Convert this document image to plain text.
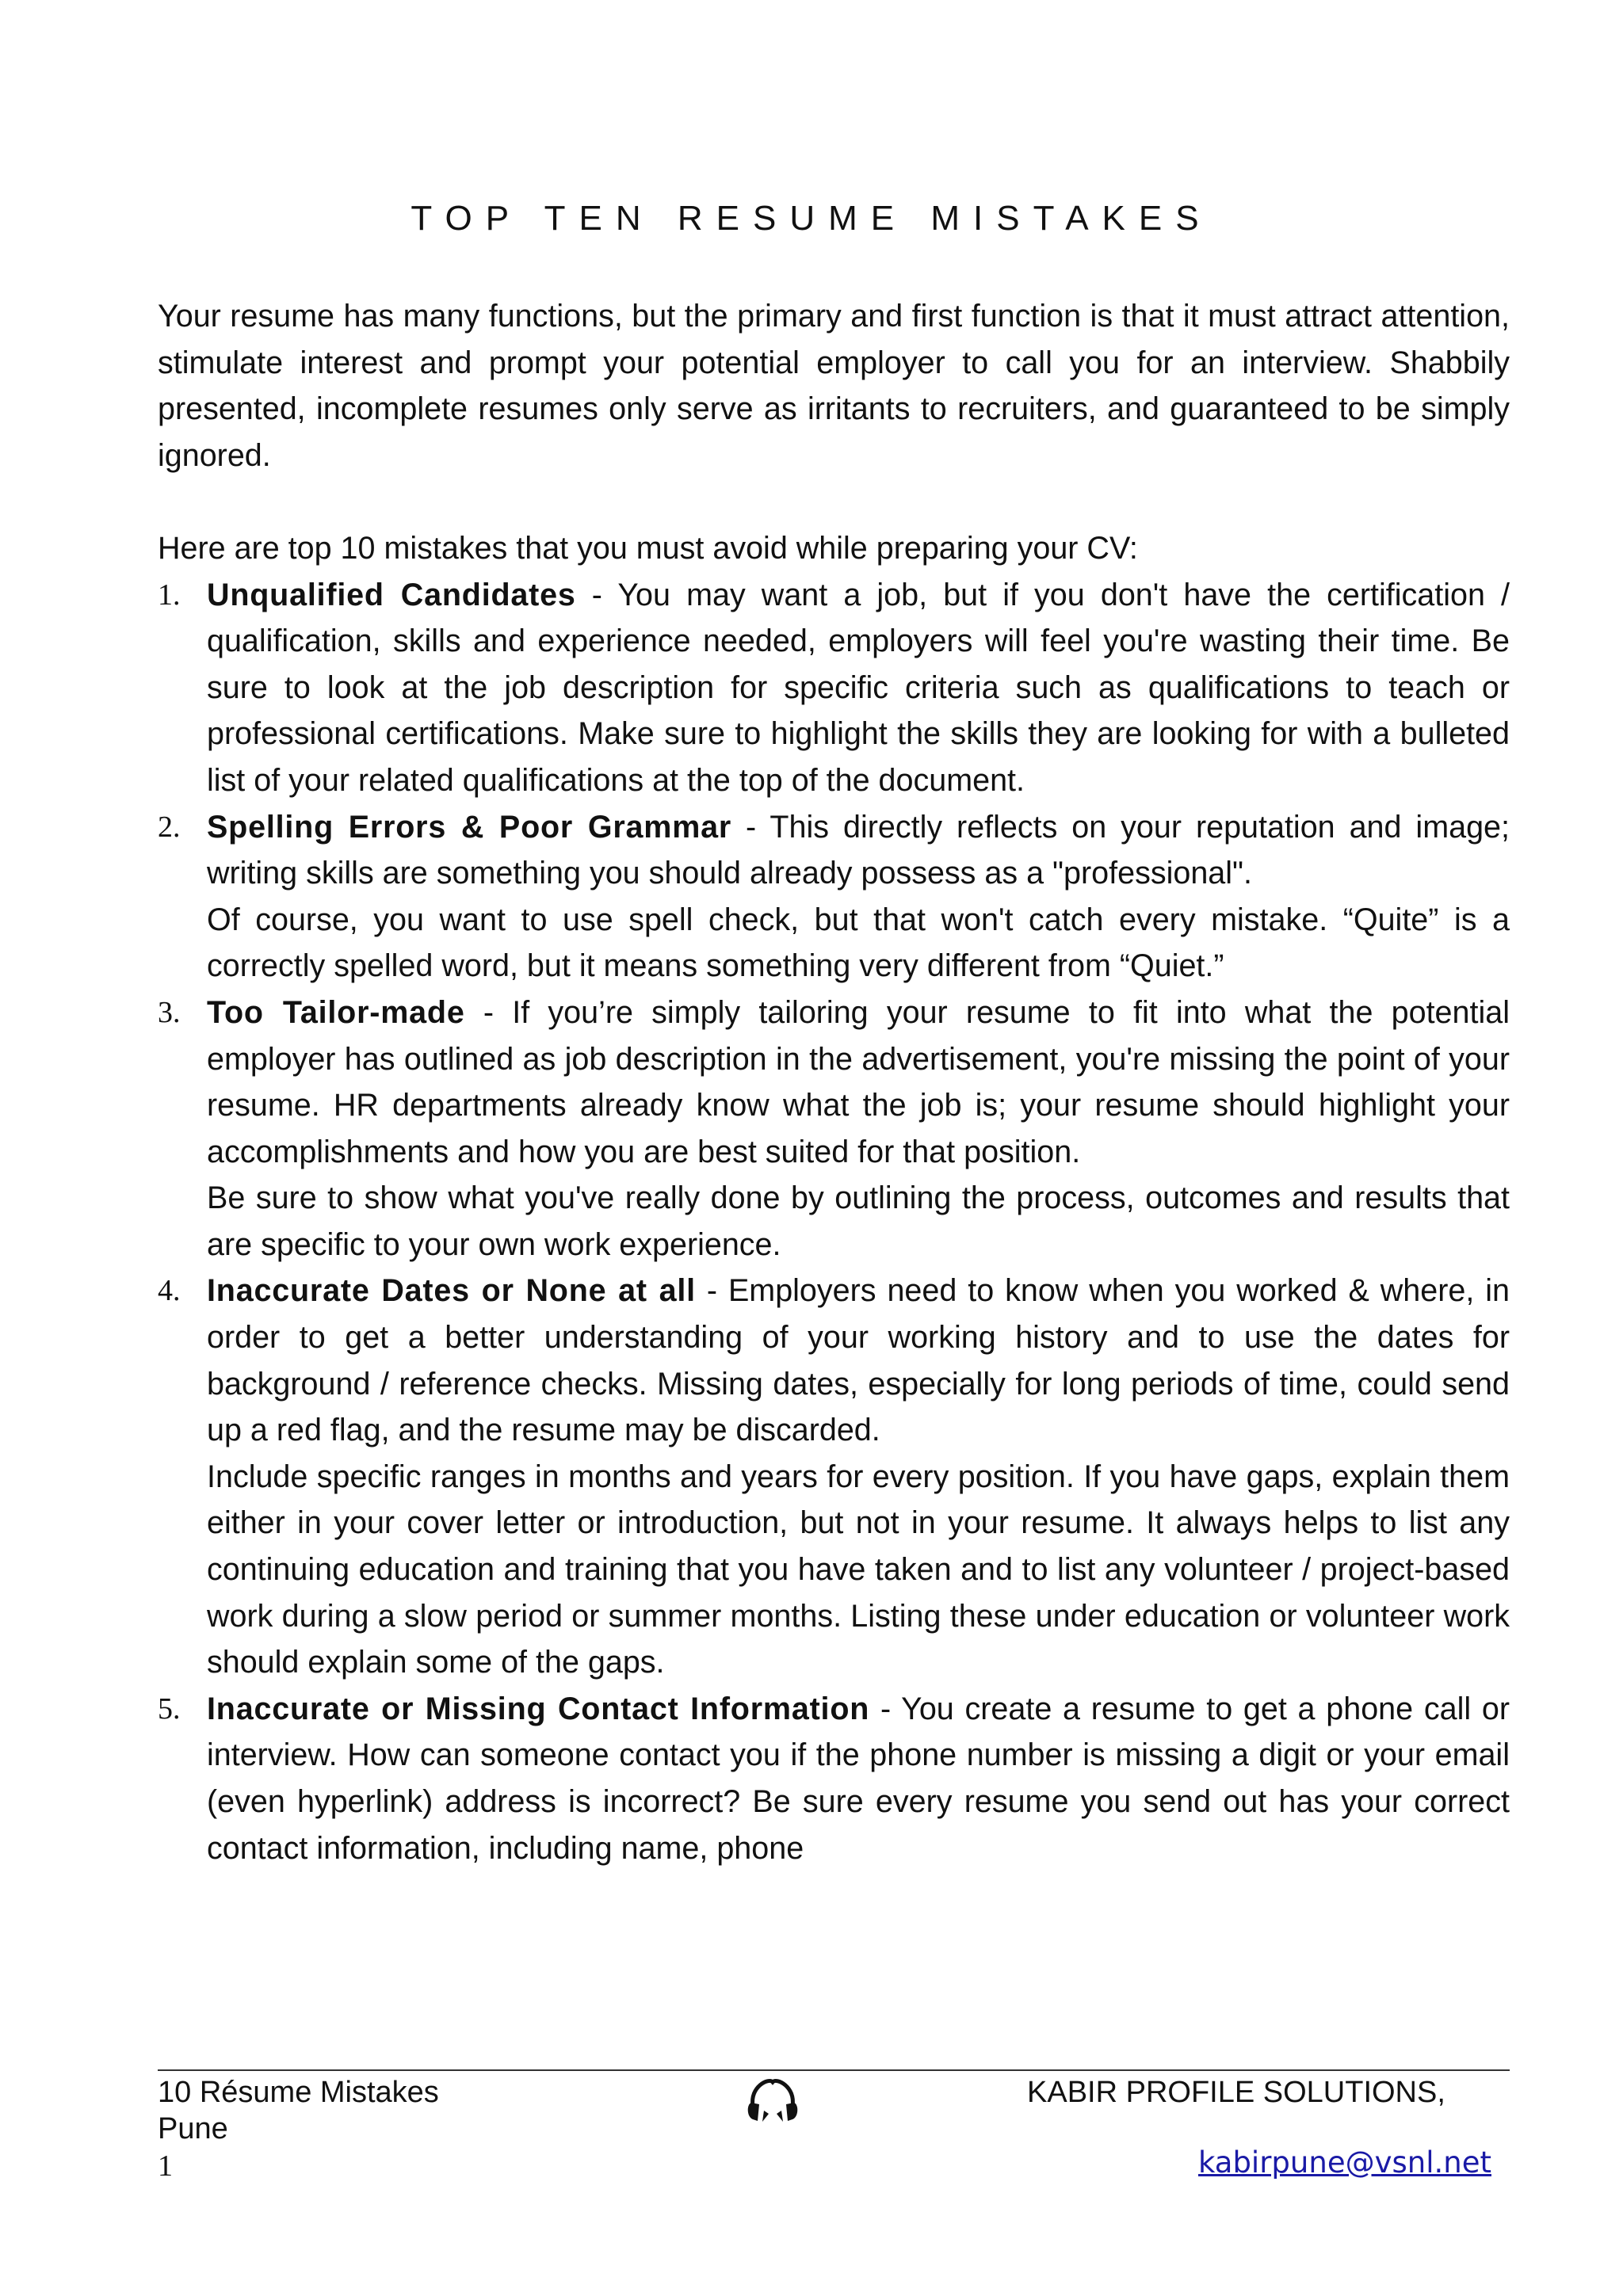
TOP TEN RESUME MISTAKES

Your resume has many functions, but the primary and first function is that it must attract attention, stimulate interest and prompt your potential employer to call you for an interview. Shabbily presented, incomplete resumes only serve as irritants to recruiters, and guaranteed to be simply ignored.

Here are top 10 mistakes that you must avoid while preparing your CV:

1. Unqualified Candidates - You may want a job, but if you don't have the certification / qualification, skills and experience needed, employers will feel you're wasting their time. Be sure to look at the job description for specific criteria such as qualifications to teach or professional certifications. Make sure to highlight the skills they are looking for with a bulleted list of your related qualifications at the top of the document.

2. Spelling Errors & Poor Grammar - This directly reflects on your reputation and image; writing skills are something you should already possess as a "professional".

Of course, you want to use spell check, but that won't catch every mistake. “Quite” is a correctly spelled word, but it means something very different from “Quiet.”

3. Too Tailor-made - If you’re simply tailoring your resume to fit into what the potential employer has outlined as job description in the advertisement, you're missing the point of your resume. HR departments already know what the job is; your resume should highlight your accomplishments and how you are best suited for that position.

Be sure to show what you've really done by outlining the process, outcomes and results that are specific to your own work experience.

4. Inaccurate Dates or None at all - Employers need to know when you worked & where, in order to get a better understanding of your working history and to use the dates for background / reference checks. Missing dates, especially for long periods of time, could send up a red flag, and the resume may be discarded.

Include specific ranges in months and years for every position. If you have gaps, explain them either in your cover letter or introduction, but not in your resume. It always helps to list any continuing education and training that you have taken and to list any volunteer / project-based work during a slow period or summer months. Listing these under education or volunteer work should explain some of the gaps.

5. Inaccurate or Missing Contact Information - You create a resume to get a phone call or interview. How can someone contact you if the phone number is missing a digit or your email (even hyperlink) address is incorrect? Be sure every resume you send out has your correct contact information, including name, phone

10 Résume Mistakes
Pune
KABIR PROFILE SOLUTIONS,
1	kabirpune@vsnl.net
